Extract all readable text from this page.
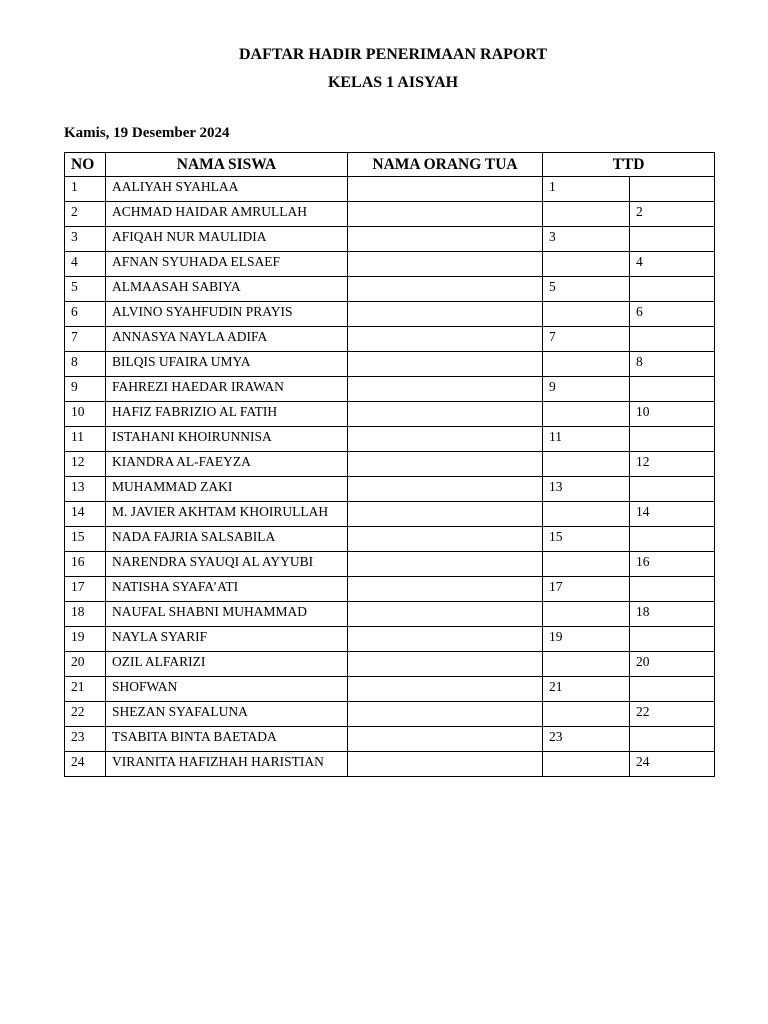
DAFTAR HADIR PENERIMAAN RAPORT
KELAS 1 AISYAH
Kamis, 19 Desember 2024
NO	NAMA SISWA	NAMA ORANG TUA	TTD	
1	AALIYAH SYAHLAA		1	
2	ACHMAD HAIDAR AMRULLAH			2
3	AFIQAH NUR MAULIDIA		3	
4	AFNAN SYUHADA ELSAEF			4
5	ALMAASAH SABIYA		5	
6	ALVINO SYAHFUDIN PRAYIS			6
7	ANNASYA NAYLA ADIFA		7	
8	BILQIS UFAIRA UMYA			8
9	FAHREZI HAEDAR IRAWAN		9	
10	HAFIZ FABRIZIO AL FATIH			10
11	ISTAHANI KHOIRUNNISA		11	
12	KIANDRA AL-FAEYZA			12
13	MUHAMMAD ZAKI		13	
14	M. JAVIER AKHTAM KHOIRULLAH			14
15	NADA FAJRIA SALSABILA		15	
16	NARENDRA SYAUQI AL AYYUBI			16
17	NATISHA SYAFA’ATI		17	
18	NAUFAL SHABNI MUHAMMAD			18
19	NAYLA SYARIF		19	
20	OZIL ALFARIZI			20
21	SHOFWAN		21	
22	SHEZAN SYAFALUNA			22
23	TSABITA BINTA BAETADA		23	
24	VIRANITA HAFIZHAH HARISTIAN			24
